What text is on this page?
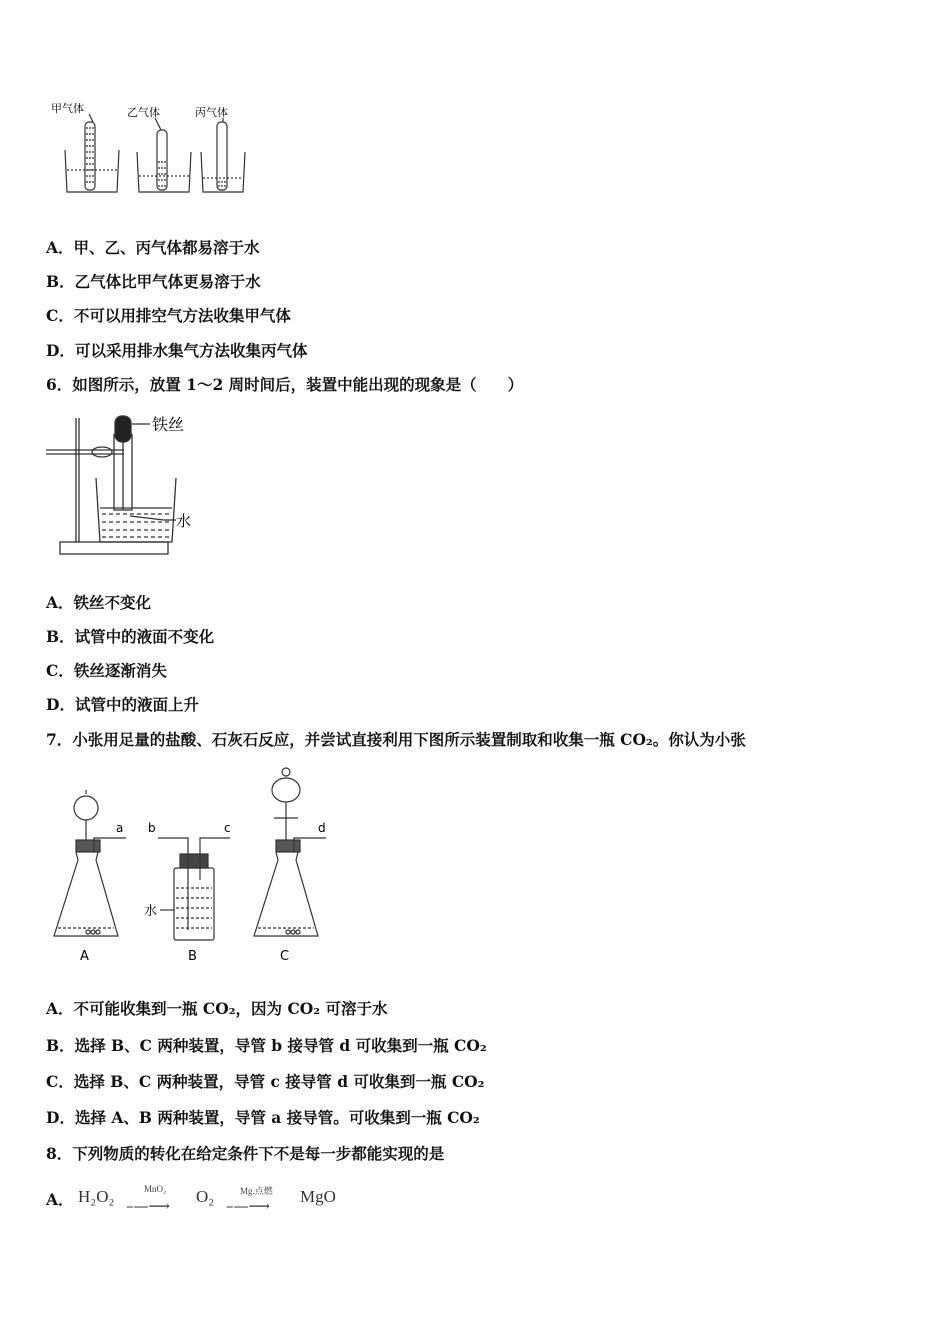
甲气体	乙气体	丙气体
A．甲、乙、丙气体都易溶于水
B．乙气体比甲气体更易溶于水
C．不可以用排空气方法收集甲气体
D．可以采用排水集气方法收集丙气体
6．如图所示，放置 1～2 周时间后，装置中能出现的现象是（　　）
铁丝
水
A．铁丝不变化
B．试管中的液面不变化
C．铁丝逐渐消失
D．试管中的液面上升
7．小张用足量的盐酸、石灰石反应，并尝试直接利用下图所示装置制取和收集一瓶 CO₂。你认为小张
a b	c	d
水
A	B	C
A．不可能收集到一瓶 CO₂，因为 CO₂ 可溶于水
B．选择 B、C 两种装置，导管 b 接导管 d 可收集到一瓶 CO₂
C．选择 B、C 两种装置，导管 c 接导管 d 可收集到一瓶 CO₂
D．选择 A、B 两种装置，导管 a 接导管。可收集到一瓶 CO₂
8．下列物质的转化在给定条件下不是每一步都能实现的是
A． H₂O₂	MnO₂
–—⟶ O₂	Mg.点燃
–—⟶ MgO
